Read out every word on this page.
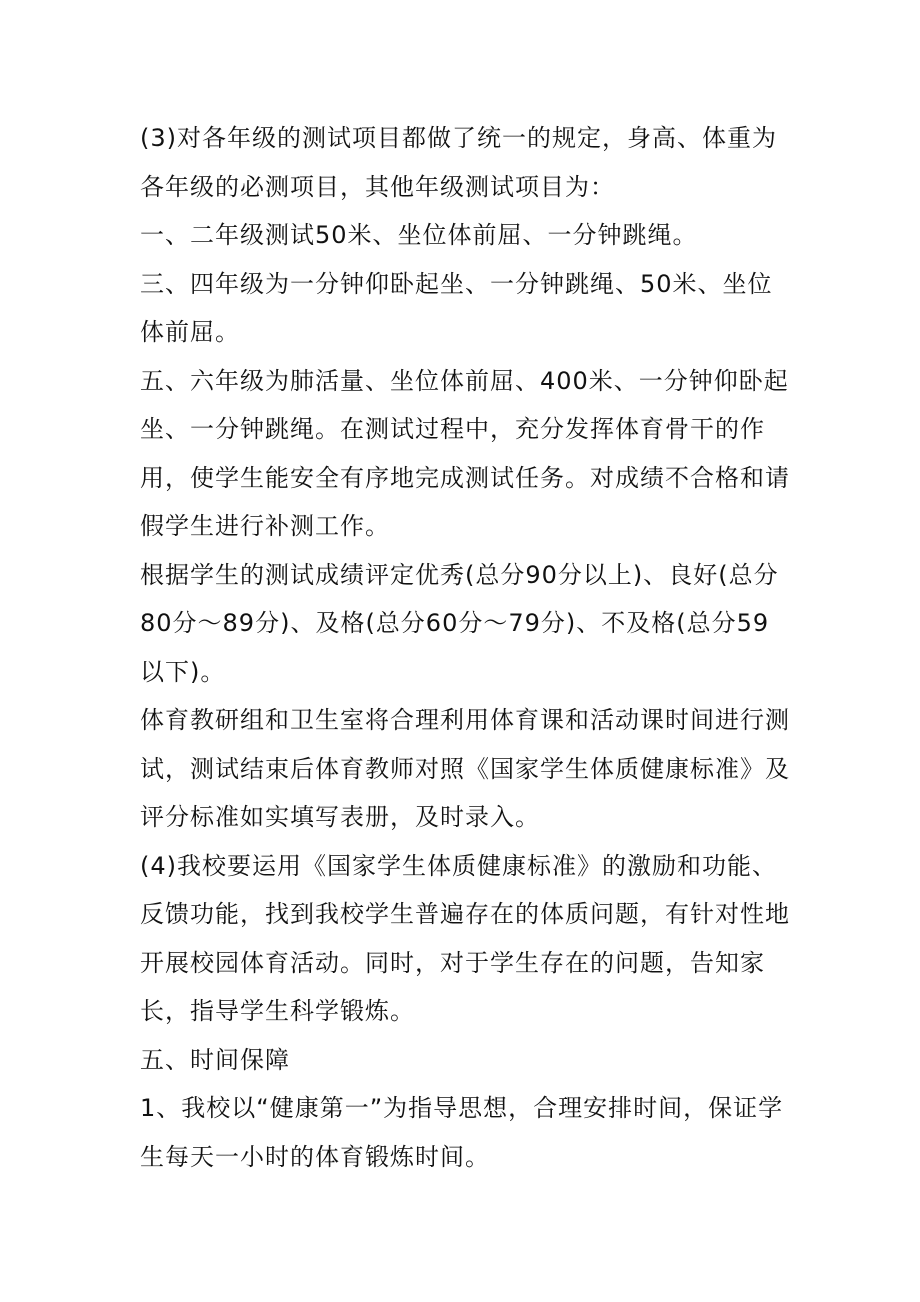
(3)对各年级的测试项目都做了统一的规定，身高、体重为各年级的必测项目，其他年级测试项目为：

一、二年级测试50米、坐位体前屈、一分钟跳绳。

三、四年级为一分钟仰卧起坐、一分钟跳绳、50米、坐位体前屈。

五、六年级为肺活量、坐位体前屈、400米、一分钟仰卧起坐、一分钟跳绳。在测试过程中，充分发挥体育骨干的作用，使学生能安全有序地完成测试任务。对成绩不合格和请假学生进行补测工作。

根据学生的测试成绩评定优秀(总分90分以上)、良好(总分80分～89分)、及格(总分60分～79分)、不及格(总分59以下)。

体育教研组和卫生室将合理利用体育课和活动课时间进行测试，测试结束后体育教师对照《国家学生体质健康标准》及评分标准如实填写表册，及时录入。

(4)我校要运用《国家学生体质健康标准》的激励和功能、反馈功能，找到我校学生普遍存在的体质问题，有针对性地开展校园体育活动。同时，对于学生存在的问题，告知家长，指导学生科学锻炼。

五、时间保障

1、我校以“健康第一”为指导思想，合理安排时间，保证学生每天一小时的体育锻炼时间。
